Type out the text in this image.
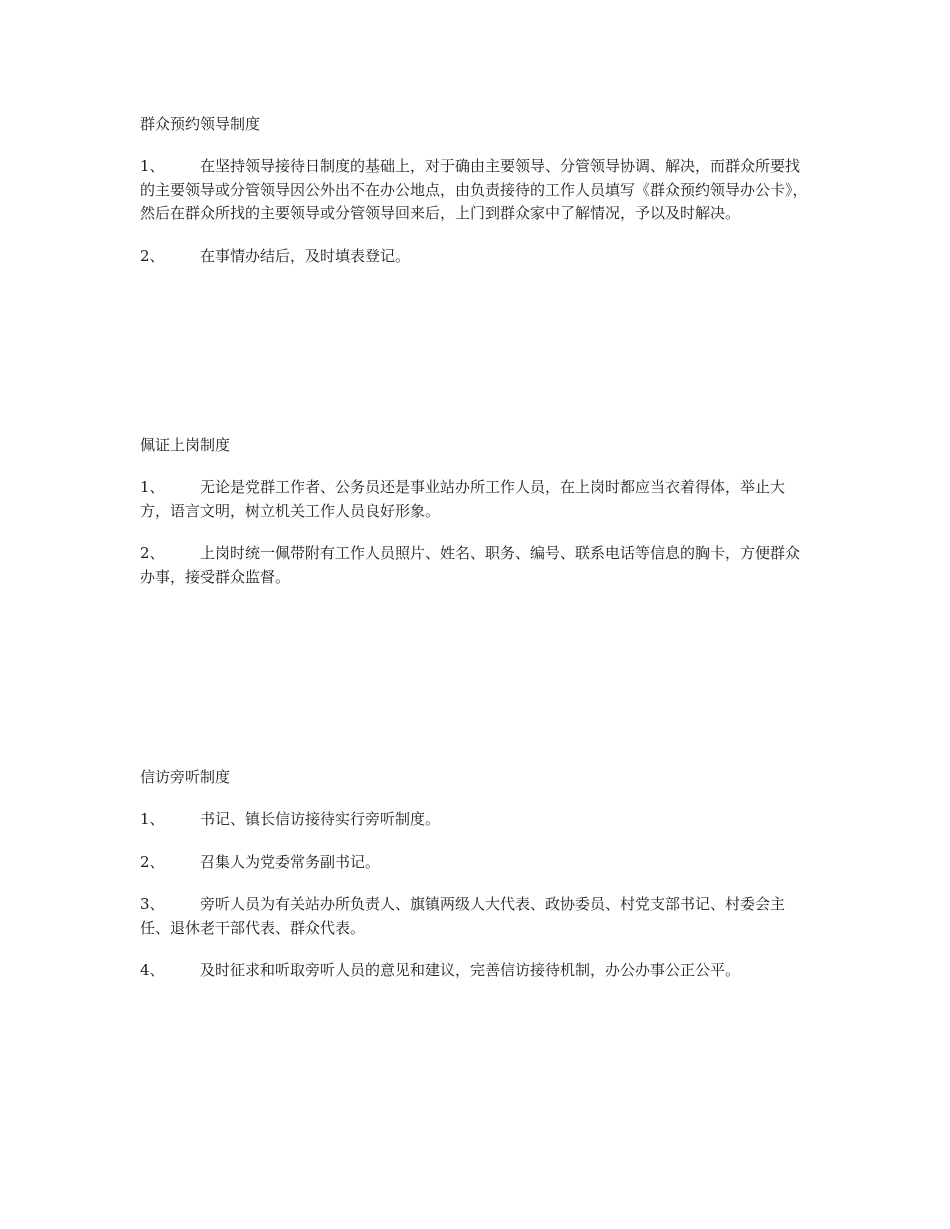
群众预约领导制度
1、 在坚持领导接待日制度的基础上，对于确由主要领导、分管领导协调、解决，而群众所要找的主要领导或分管领导因公外出不在办公地点，由负责接待的工作人员填写《群众预约领导办公卡》，然后在群众所找的主要领导或分管领导回来后，上门到群众家中了解情况，予以及时解决。
2、 在事情办结后，及时填表登记。
佩证上岗制度
1、 无论是党群工作者、公务员还是事业站办所工作人员，在上岗时都应当衣着得体，举止大方，语言文明，树立机关工作人员良好形象。
2、 上岗时统一佩带附有工作人员照片、姓名、职务、编号、联系电话等信息的胸卡，方便群众办事，接受群众监督。
信访旁听制度
1、 书记、镇长信访接待实行旁听制度。
2、 召集人为党委常务副书记。
3、 旁听人员为有关站办所负责人、旗镇两级人大代表、政协委员、村党支部书记、村委会主任、退休老干部代表、群众代表。
4、 及时征求和听取旁听人员的意见和建议，完善信访接待机制，办公办事公正公平。
